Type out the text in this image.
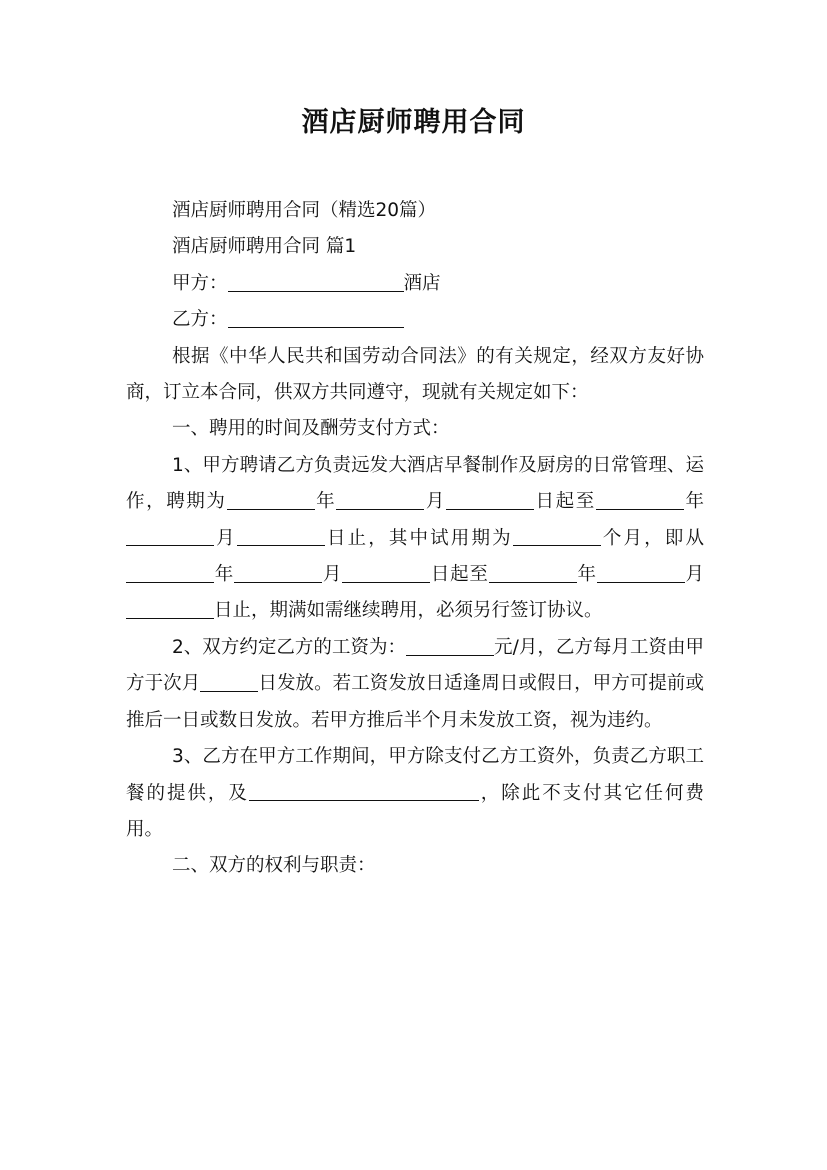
酒店厨师聘用合同

酒店厨师聘用合同（精选20篇）

酒店厨师聘用合同 篇1

甲方：	酒店

乙方：

根据《中华人民共和国劳动合同法》的有关规定，经双方友好协商，订立本合同，供双方共同遵守，现就有关规定如下：

一、聘用的时间及酬劳支付方式：

1、甲方聘请乙方负责远发大酒店早餐制作及厨房的日常管理、运作，聘期为	年	月	日起至	年月	日止，其中试用期为	个月，即从年	月	日起至	年	月日止，期满如需继续聘用，必须另行签订协议。

2、双方约定乙方的工资为：	元/月，乙方每月工资由甲方于次月	日发放。若工资发放日适逢周日或假日，甲方可提前或推后一日或数日发放。若甲方推后半个月未发放工资，视为违约。

3、乙方在甲方工作期间，甲方除支付乙方工资外，负责乙方职工餐的提供，及	，除此不支付其它任何费用。

二、双方的权利与职责：
